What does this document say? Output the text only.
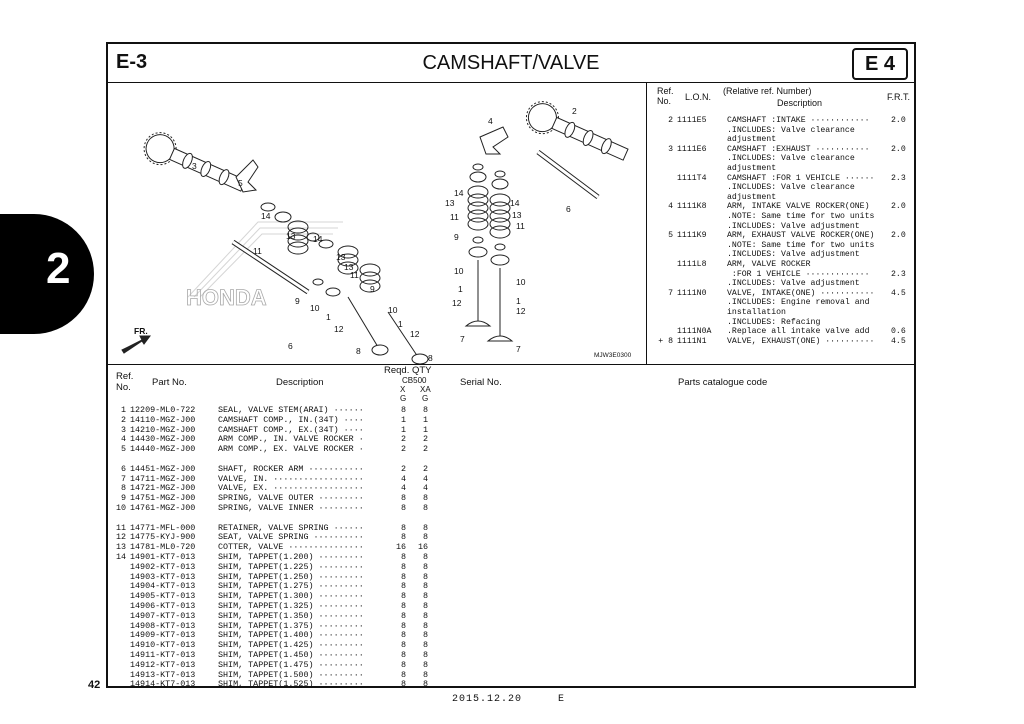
2
E-3	CAMSHAFT/VALVE	E 4
3
5
14
13
11
14
13
13
11
9
9
10
1
12
10
1
12
6	8
8
4
2
14
13	14
11	13
11
9
10
10
1
1
12
12
7
7
6
FR.
MJW3E0300
HONDA
Ref.
No. L.O.N.
(Relative ref. Number)
Description
F.R.T.
2 1111E5	CAMSHAFT :INTAKE ············	2.0
.INCLUDES: Valve clearance
adjustment
3 1111E6	CAMSHAFT :EXHAUST ···········	2.0
.INCLUDES: Valve clearance
adjustment
1111T4	CAMSHAFT :FOR 1 VEHICLE ······ 2.3
.INCLUDES: Valve clearance
adjustment
4 1111K8	ARM, INTAKE VALVE ROCKER(ONE)	2.0
.NOTE: Same time for two units
.INCLUDES: Valve adjustment
5 1111K9	ARM, EXHAUST VALVE ROCKER(ONE) 2.0
.NOTE: Same time for two units
.INCLUDES: Valve adjustment
1111L8	ARM, VALVE ROCKER
:FOR 1 VEHICLE ·············	2.3
.INCLUDES: Valve adjustment
7 1111N0	VALVE, INTAKE(ONE) ··········· 4.5
.INCLUDES: Engine removal and
installation
.INCLUDES: Refacing
1111N0A .Replace all intake valve add	0.6
+ 8 1111N1	VALVE, EXHAUST(ONE) ·········· 4.5
Ref.
No. Part No.	Description
Reqd. QTY
CB500
X XA
G G
Serial No.	Parts catalogue code
1 12209-ML0-722	SEAL, VALVE STEM(ARAI) ······	8	8
2 14110-MGZ-J00	CAMSHAFT COMP., IN.(34T) ····	1	1
3 14210-MGZ-J00	CAMSHAFT COMP., EX.(34T) ····	1	1
4 14430-MGZ-J00	ARM COMP., IN. VALVE ROCKER ·	2	2
5 14440-MGZ-J00	ARM COMP., EX. VALVE ROCKER ·	2	2
6 14451-MGZ-J00	SHAFT, ROCKER ARM ···········	2	2
7 14711-MGZ-J00	VALVE, IN. ··················	4	4
8 14721-MGZ-J00	VALVE, EX. ··················	4	4
9 14751-MGZ-J00	SPRING, VALVE OUTER ·········	8	8
10 14761-MGZ-J00	SPRING, VALVE INNER ·········	8	8
11 14771-MFL-000	RETAINER, VALVE SPRING ······	8	8
12 14775-KYJ-900	SEAT, VALVE SPRING ··········	8	8
13 14781-ML0-720	COTTER, VALVE ···············	16	16
14 14901-KT7-013	SHIM, TAPPET(1.200) ·········	8	8
14902-KT7-013	SHIM, TAPPET(1.225) ·········	8	8
14903-KT7-013	SHIM, TAPPET(1.250) ·········	8	8
14904-KT7-013	SHIM, TAPPET(1.275) ·········	8	8
14905-KT7-013	SHIM, TAPPET(1.300) ·········	8	8
14906-KT7-013	SHIM, TAPPET(1.325) ·········	8	8
14907-KT7-013	SHIM, TAPPET(1.350) ·········	8	8
14908-KT7-013	SHIM, TAPPET(1.375) ·········	8	8
14909-KT7-013	SHIM, TAPPET(1.400) ·········	8	8
14910-KT7-013	SHIM, TAPPET(1.425) ·········	8	8
14911-KT7-013	SHIM, TAPPET(1.450) ·········	8	8
14912-KT7-013	SHIM, TAPPET(1.475) ·········	8	8
14913-KT7-013	SHIM, TAPPET(1.500) ·········	8	8
14914-KT7-013	SHIM, TAPPET(1.525) ·········	8	8
42
2015.12.20	E
